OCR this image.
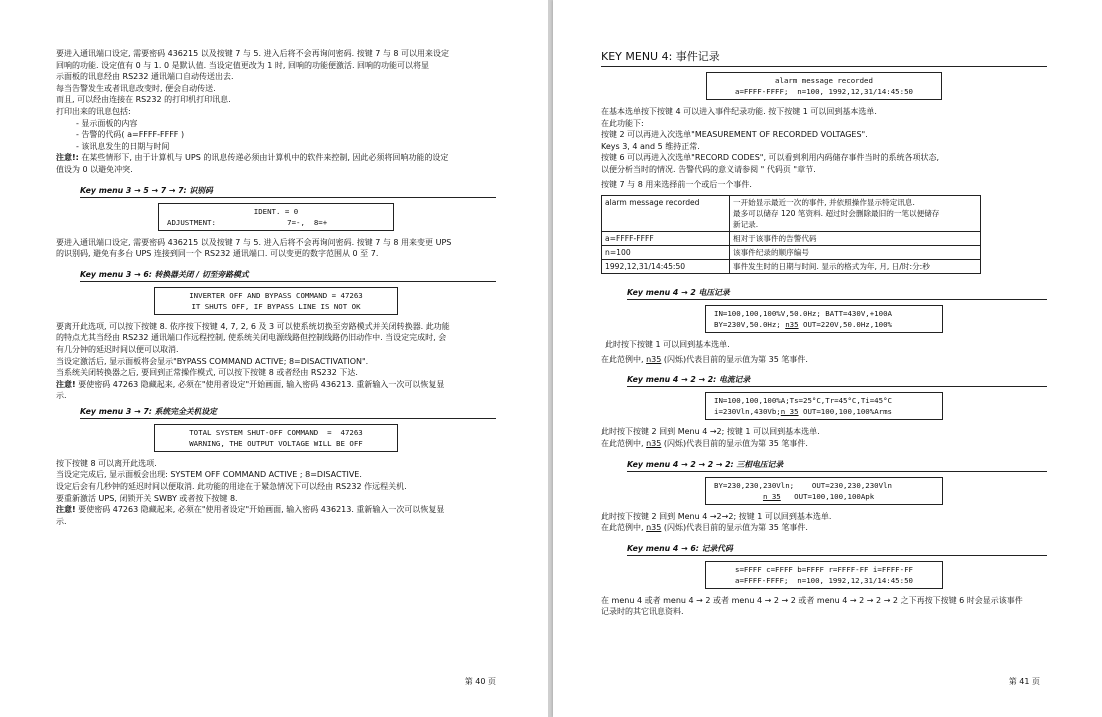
要进入通讯端口设定, 需要密码 436215 以及按键 7 与 5. 进入后将不会再询问密码. 按键 7 与 8 可以用来设定
回响的功能. 设定值有 0 与 1. 0 是默认值. 当设定值更改为 1 时, 回响的功能便激活. 回响的功能可以将显
示面板的讯息经由 RS232 通讯端口自动传送出去.
每当告警发生或者讯息改变时, 便会自动传送.
而且, 可以经由连接在 RS232 的打印机打印讯息.
打印出来的讯息包括:
- 显示面板的内容
- 告警的代码( a=FFFF-FFFF )
- 该讯息发生的日期与时间
注意!: 在某些情形下, 由于计算机与 UPS 的讯息传递必须由计算机中的软件来控制, 因此必须将回响功能的设定
值设为 0 以避免冲突.
Key menu 3 → 5 → 7 → 7: 识别码
IDENT. = 0
ADJUSTMENT:                7=-,  8=+
要进入通讯端口设定, 需要密码 436215 以及按键 7 与 5. 进入后将不会再询问密码. 按键 7 与 8 用来变更 UPS
的识别码, 避免有多台 UPS 连接到同一个 RS232 通讯端口. 可以变更的数字范围从 0 至 7.
Key menu 3 → 6: 转换器关闭 / 切至旁路模式
INVERTER OFF AND BYPASS COMMAND = 47263
IT SHUTS OFF, IF BYPASS LINE IS NOT OK
要离开此选项, 可以按下按键 8. 依序按下按键 4, 7, 2, 6 及 3 可以使系统切换至旁路模式并关闭转换器. 此功能
的特点尤其当经由 RS232 通讯端口作远程控制, 使系统关闭电源线路但控制线路仍旧动作中. 当设定完成时, 会
有几分钟的延迟时间以便可以取消.
当设定激活后, 显示面板将会显示"BYPASS COMMAND ACTIVE; 8=DISACTIVATION".
当系统关闭转换器之后, 要回到正常操作模式, 可以按下按键 8 或者经由 RS232 下达.
注意! 要使密码 47263 隐藏起来, 必须在"使用者设定"开始画面, 输入密码 436213. 重新输入一次可以恢复显
示.
Key menu 3 → 7: 系统完全关机设定
TOTAL SYSTEM SHUT-OFF COMMAND  =  47263
WARNING, THE OUTPUT VOLTAGE WILL BE OFF
按下按键 8 可以离开此选项.
当设定完成后, 显示面板会出现: SYSTEM OFF COMMAND ACTIVE ; 8=DISACTIVE.
设定后会有几秒钟的延迟时间以便取消. 此功能的用途在于紧急情况下可以经由 RS232 作远程关机.
要重新激活 UPS, 闭锁开关 SWBY 或者按下按键 8.
注意! 要使密码 47263 隐藏起来, 必须在"使用者设定"开始画面, 输入密码 436213. 重新输入一次可以恢复显
示.
第 40 页
KEY MENU 4: 事件记录
alarm message recorded
a=FFFF-FFFF;  n=100, 1992,12,31/14:45:50
在基本选单按下按键 4 可以进入事件纪录功能. 按下按键 1 可以回到基本选单.
在此功能下:
按键 2 可以再进入次选单"MEASUREMENT OF RECORDED VOLTAGES".
Keys 3, 4 and 5 维持正常.
按键 6 可以再进入次选单"RECORD CODES", 可以看到利用内码储存事件当时的系统各项状态,
以便分析当时的情况. 告警代码的意义请参阅 " 代码页 "章节.
按键 7 与 8 用来选择前一个或后一个事件.
alarm message recorded	一开始显示最近一次的事件, 并依照操作显示特定讯息.
最多可以储存 120 笔资料. 超过时会删除最旧的一笔以便储存
新记录.

a=FFFF-FFFF	相对于该事件的告警代码
n=100	该事件纪录的顺序编号
1992,12,31/14:45:50	事件发生时的日期与时间. 显示的格式为年, 月, 日/时:分:秒
Key menu 4 → 2 电压记录
IN=100,100,100%V,50.0Hz; BATT=430V,+100A
BY=230V,50.0Hz; n35 OUT=220V,50.0Hz,100%
此时按下按键 1 可以回到基本选单.
在此范例中, n35 (闪烁)代表目前的显示值为第 35 笔事件.
Key menu 4 → 2 → 2: 电流记录
IN=100,100,100%A;Ts=25°C,Tr=45°C,Ti=45°C
i=230Vln,430Vb;n 35 OUT=100,100,100%Arms
此时按下按键 2 回到 Menu 4 →2; 按键 1 可以回到基本选单.
在此范例中, n35 (闪烁)代表目前的显示值为第 35 笔事件.
Key menu 4 → 2 → 2 → 2: 三相电压记录
BY=230,230,230Vln;    OUT=230,230,230Vln
n 35   OUT=100,100,100Apk
此时按下按键 2 回到 Menu 4 →2→2; 按键 1 可以回到基本选单.
在此范例中, n35 (闪烁)代表目前的显示值为第 35 笔事件.
Key menu 4 → 6: 记录代码
s=FFFF c=FFFF b=FFFF r=FFFF-FF i=FFFF-FF
a=FFFF-FFFF;  n=100, 1992,12,31/14:45:50
在 menu 4 或者 menu 4 → 2 或者 menu 4 → 2 → 2 或者 menu 4 → 2 → 2 → 2 之下再按下按键 6 时会显示该事件
记录时的其它讯息资料.
第 41 页
